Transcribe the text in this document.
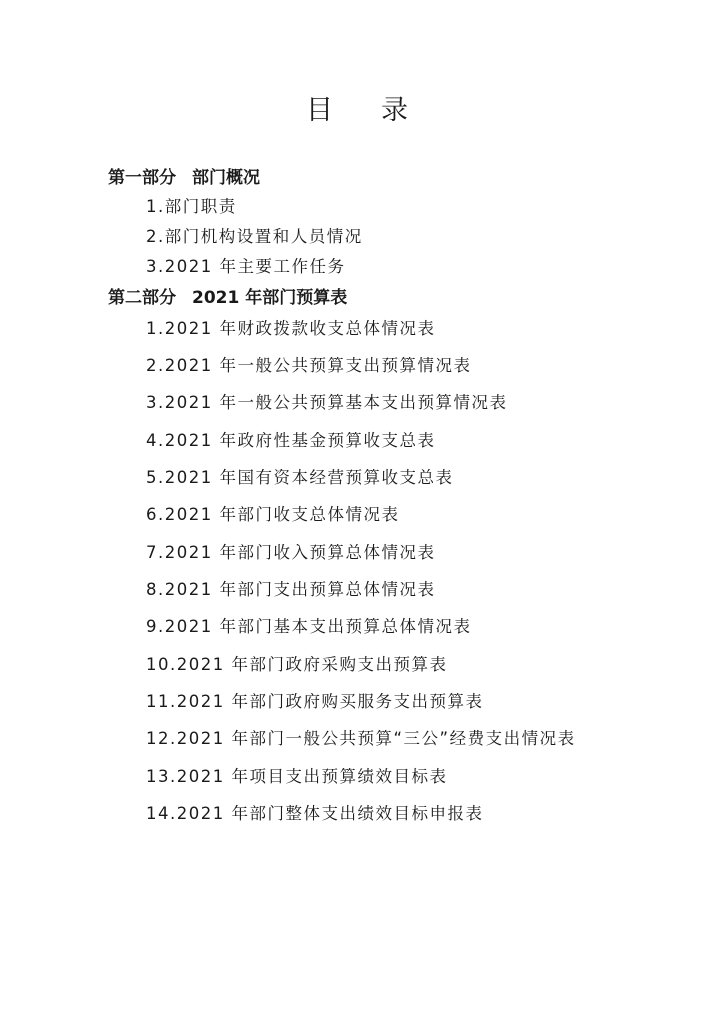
目录
第一部分 部门概况
1.部门职责
2.部门机构设置和人员情况
3.2021 年主要工作任务
第二部分 2021 年部门预算表
1.2021 年财政拨款收支总体情况表
2.2021 年一般公共预算支出预算情况表
3.2021 年一般公共预算基本支出预算情况表
4.2021 年政府性基金预算收支总表
5.2021 年国有资本经营预算收支总表
6.2021 年部门收支总体情况表
7.2021 年部门收入预算总体情况表
8.2021 年部门支出预算总体情况表
9.2021 年部门基本支出预算总体情况表
10.2021 年部门政府采购支出预算表
11.2021 年部门政府购买服务支出预算表
12.2021 年部门一般公共预算“三公”经费支出情况表
13.2021 年项目支出预算绩效目标表
14.2021 年部门整体支出绩效目标申报表
